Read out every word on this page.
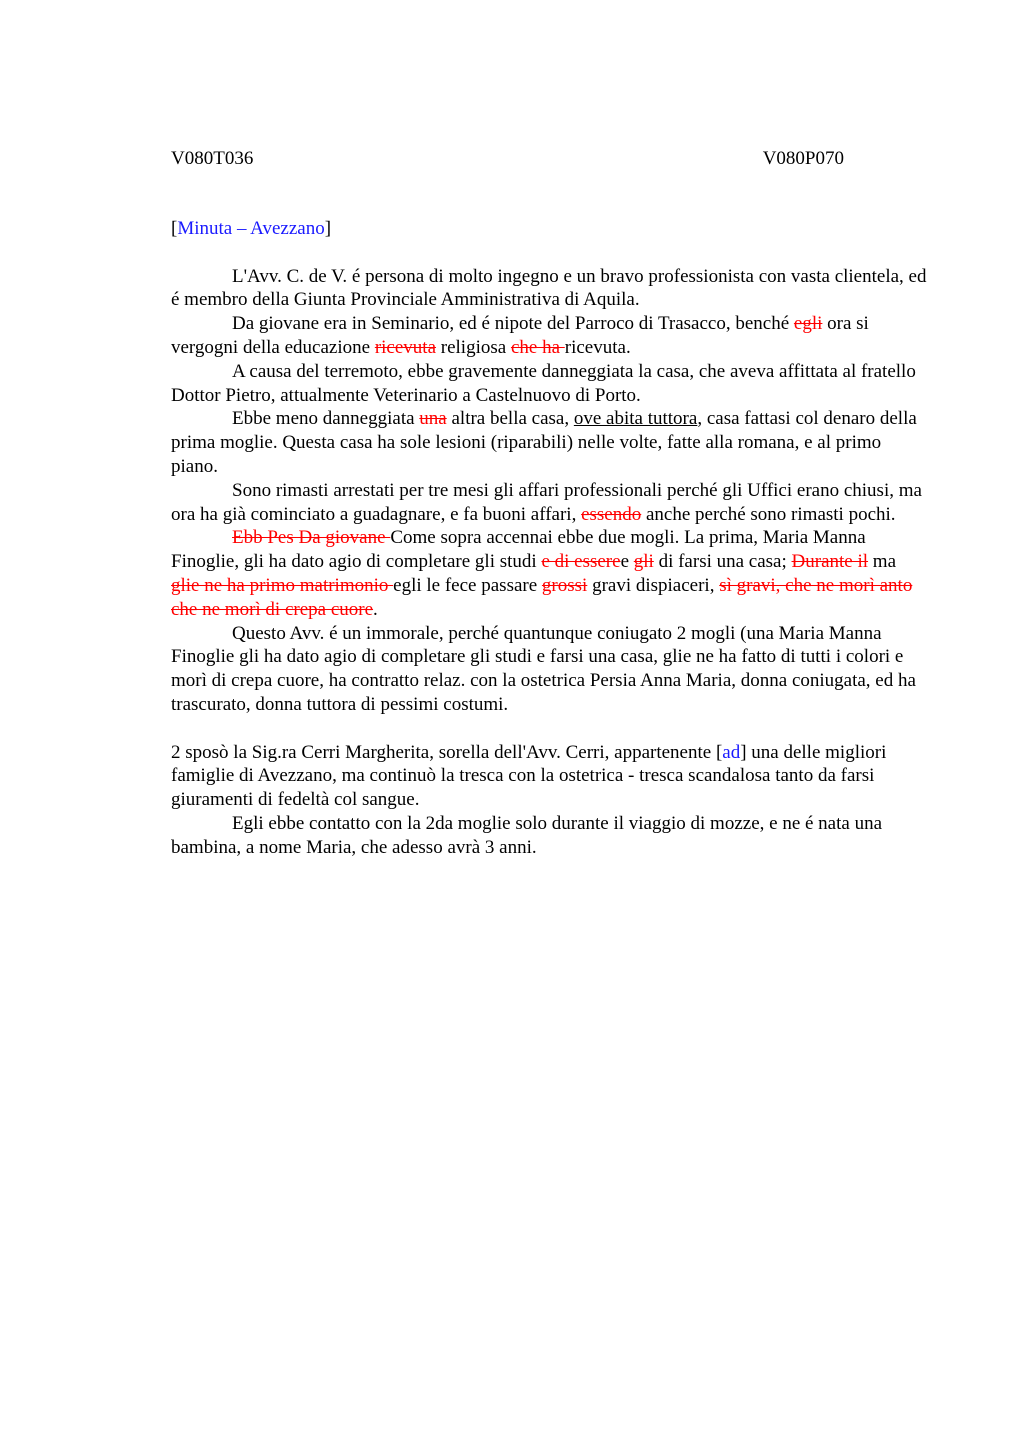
V080T036	V080P070

[Minuta – Avezzano]

L'Avv. C. de V. é persona di molto ingegno e un bravo professionista con vasta clientela, ed é membro della Giunta Provinciale Amministrativa di Aquila.

Da giovane era in Seminario, ed é nipote del Parroco di Trasacco, benché egli ora si vergogni della educazione ricevuta religiosa che ha ricevuta.

A causa del terremoto, ebbe gravemente danneggiata la casa, che aveva affittata al fratello Dottor Pietro, attualmente Veterinario a Castelnuovo di Porto.

Ebbe meno danneggiata una altra bella casa, ove abita tuttora, casa fattasi col denaro della prima moglie. Questa casa ha sole lesioni (riparabili) nelle volte, fatte alla romana, e al primo piano.

Sono rimasti arrestati per tre mesi gli affari professionali perché gli Uffici erano chiusi, ma ora ha già cominciato a guadagnare, e fa buoni affari, essendo anche perché sono rimasti pochi.

Ebb Pes Da giovane Come sopra accennai ebbe due mogli. La prima, Maria Manna Finoglie, gli ha dato agio di completare gli studi e di esseree gli di farsi una casa; Durante il ma glie ne ha primo matrimonio egli le fece passare grossi gravi dispiaceri, sì gravi, che ne morì anto che ne morì di crepa cuore.

Questo Avv. é un immorale, perché quantunque coniugato 2 mogli (una Maria Manna Finoglie gli ha dato agio di completare gli studi e farsi una casa, glie ne ha fatto di tutti i colori e morì di crepa cuore, ha contratto relaz. con la ostetrica Persia Anna Maria, donna coniugata, ed ha trascurato, donna tuttora di pessimi costumi.

2 sposò la Sig.ra Cerri Margherita, sorella dell'Avv. Cerri, appartenente [ad] una delle migliori famiglie di Avezzano, ma continuò la tresca con la ostetrica - tresca scandalosa tanto da farsi giuramenti di fedeltà col sangue.

Egli ebbe contatto con la 2da moglie solo durante il viaggio di mozze, e ne é nata una bambina, a nome Maria, che adesso avrà 3 anni.
